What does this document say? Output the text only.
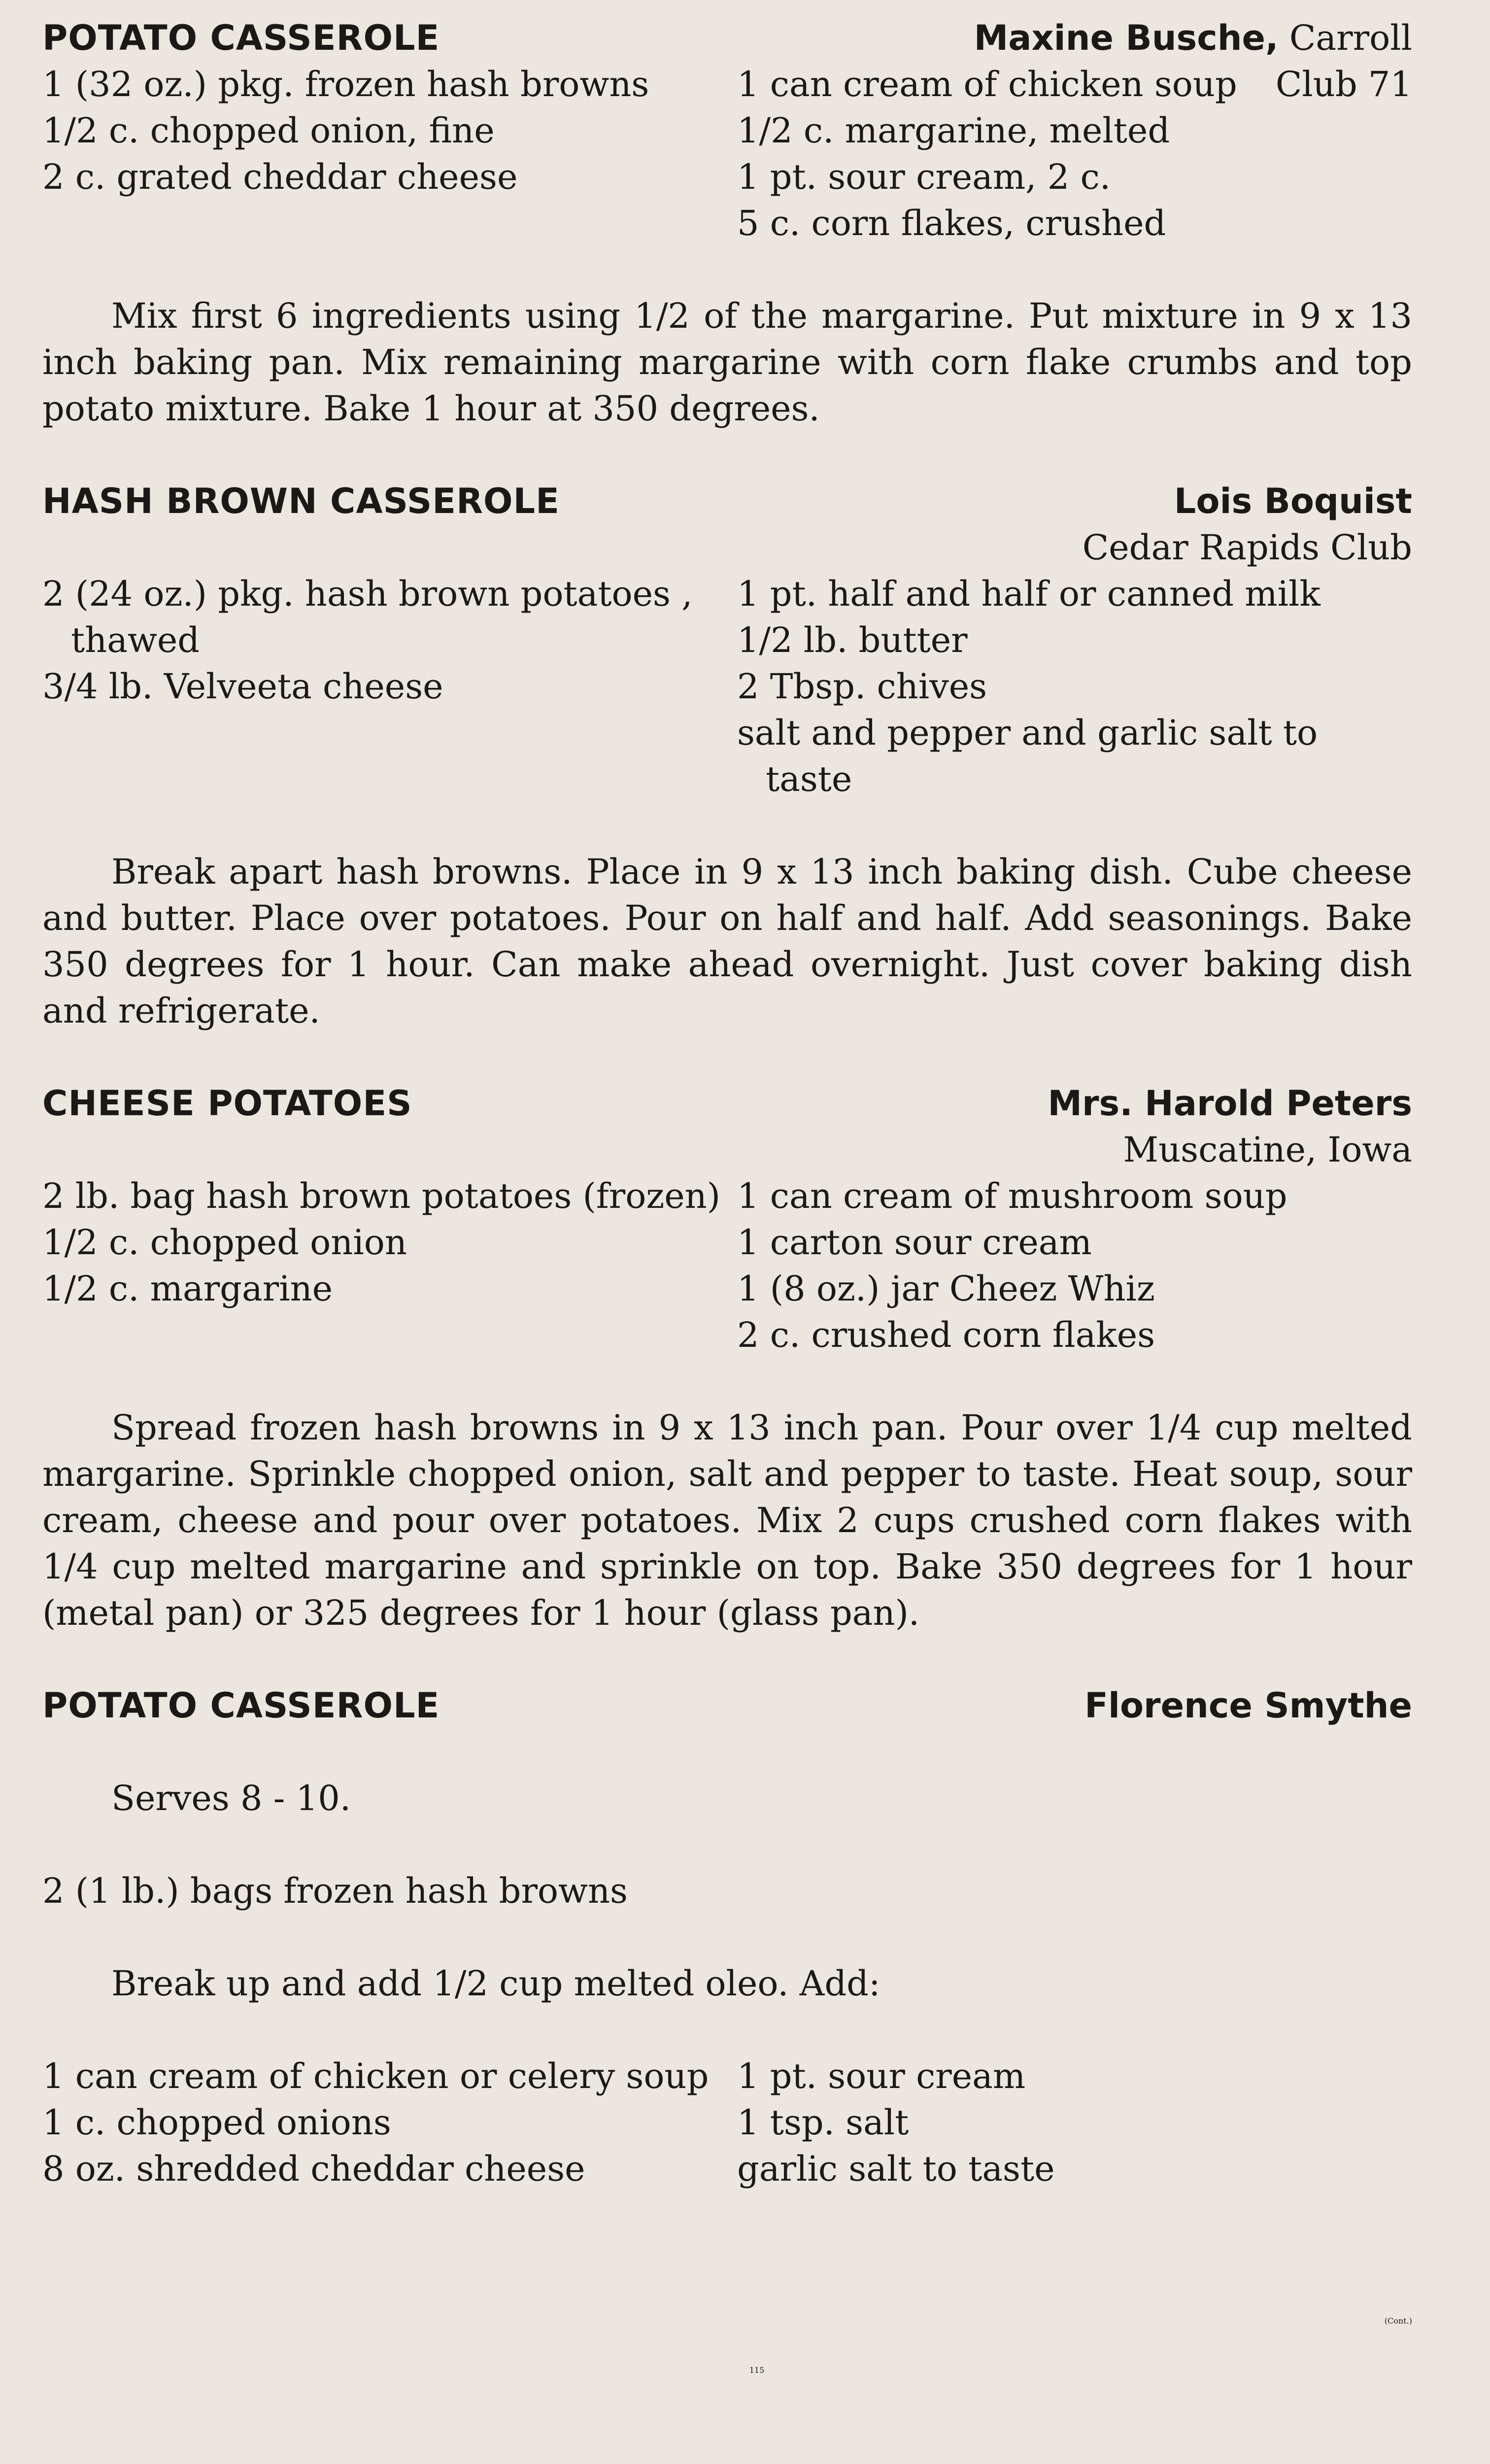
POTATO CASSEROLE	Maxine Busche, Carroll
Club 71
1 (32 oz.) pkg. frozen hash browns
1/2 c. chopped onion, fine
2 c. grated cheddar cheese
1 can cream of chicken soup
1/2 c. margarine, melted
1 pt. sour cream, 2 c.
5 c. corn flakes, crushed
Mix first 6 ingredients using 1/2 of the margarine. Put mixture in 9 x 13 inch baking pan. Mix remaining margarine with corn flake crumbs and top potato mixture. Bake 1 hour at 350 degrees.
HASH BROWN CASSEROLE	Lois Boquist
Cedar Rapids Club
2 (24 oz.) pkg. hash brown potatoes , thawed
3/4 lb. Velveeta cheese
1 pt. half and half or canned milk
1/2 lb. butter
2 Tbsp. chives
salt and pepper and garlic salt to taste
Break apart hash browns. Place in 9 x 13 inch baking dish. Cube cheese and butter. Place over potatoes. Pour on half and half. Add seasonings. Bake 350 degrees for 1 hour. Can make ahead overnight. Just cover baking dish and refrigerate.
CHEESE POTATOES	Mrs. Harold Peters
Muscatine, Iowa
2 lb. bag hash brown potatoes (frozen)
1/2 c. chopped onion
1/2 c. margarine
1 can cream of mushroom soup
1 carton sour cream
1 (8 oz.) jar Cheez Whiz
2 c. crushed corn flakes
Spread frozen hash browns in 9 x 13 inch pan. Pour over 1/4 cup melted margarine. Sprinkle chopped onion, salt and pepper to taste. Heat soup, sour cream, cheese and pour over potatoes. Mix 2 cups crushed corn flakes with 1/4 cup melted margarine and sprinkle on top. Bake 350 degrees for 1 hour (metal pan) or 325 degrees for 1 hour (glass pan).
POTATO CASSEROLE	Florence Smythe
Serves 8 - 10.
2 (1 lb.) bags frozen hash browns
Break up and add 1/2 cup melted oleo. Add:
1 can cream of chicken or celery soup
1 c. chopped onions
8 oz. shredded cheddar cheese
1 pt. sour cream
1 tsp. salt
garlic salt to taste
(Cont.)
115
